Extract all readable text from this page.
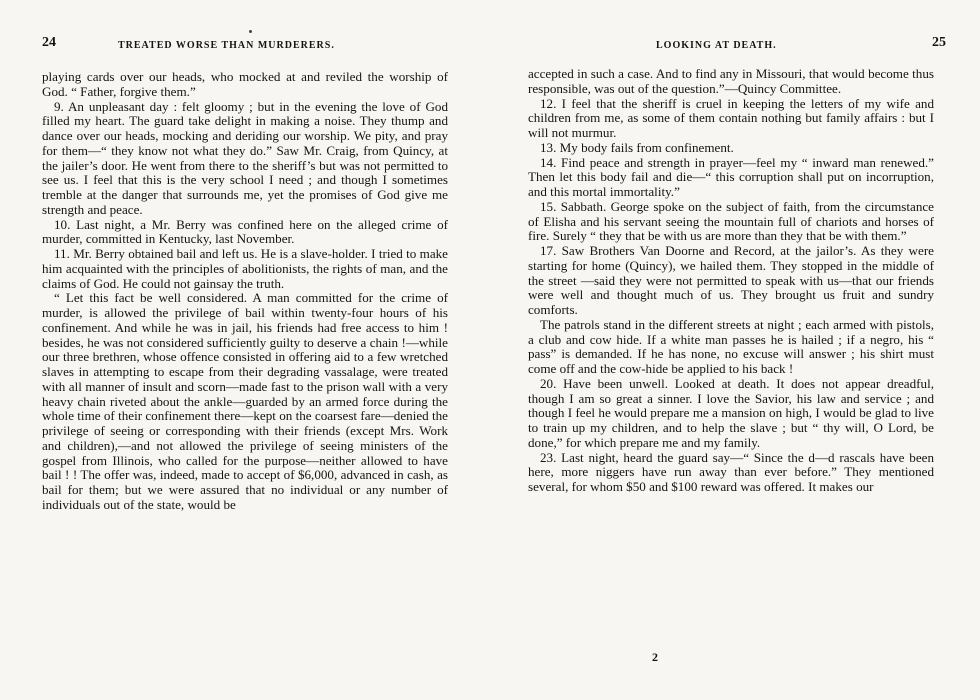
24	TREATED WORSE THAN MURDERERS.

playing cards over our heads, who mocked at and reviled the worship of God. “ Father, forgive them.”

9. An unpleasant day : felt gloomy ; but in the evening the love of God filled my heart. The guard take delight in making a noise. They thump and dance over our heads, mocking and deriding our worship. We pity, and pray for them—“ they know not what they do.” Saw Mr. Craig, from Quincy, at the jailer’s door. He went from there to the sheriff’s but was not permitted to see us. I feel that this is the very school I need ; and though I sometimes tremble at the danger that surrounds me, yet the promises of God give me strength and peace.

10. Last night, a Mr. Berry was confined here on the alleged crime of murder, committed in Kentucky, last November.

11. Mr. Berry obtained bail and left us. He is a slave-holder. I tried to make him acquainted with the principles of abolitionists, the rights of man, and the claims of God. He could not gainsay the truth.

“ Let this fact be well considered. A man committed for the crime of murder, is allowed the privilege of bail within twenty-four hours of his confinement. And while he was in jail, his friends had free access to him ! besides, he was not considered sufficiently guilty to deserve a chain !—while our three brethren, whose offence consisted in offering aid to a few wretched slaves in attempting to escape from their degrading vassalage, were treated with all manner of insult and scorn—made fast to the prison wall with a very heavy chain riveted about the ankle—guarded by an armed force during the whole time of their confinement there—kept on the coarsest fare—denied the privilege of seeing or corresponding with their friends (except Mrs. Work and children),—and not allowed the privilege of seeing ministers of the gospel from Illinois, who called for the purpose—neither allowed to have bail ! ! The offer was, indeed, made to accept of $6,000, advanced in cash, as bail for them; but we were assured that no individual or any number of individuals out of the state, would be

LOOKING AT DEATH.	25

accepted in such a case. And to find any in Missouri, that would become thus responsible, was out of the question.”—Quincy Committee.

12. I feel that the sheriff is cruel in keeping the letters of my wife and children from me, as some of them contain nothing but family affairs : but I will not murmur.

13. My body fails from confinement.

14. Find peace and strength in prayer—feel my “ inward man renewed.” Then let this body fail and die—“ this corruption shall put on incorruption, and this mortal immortality.”

15. Sabbath. George spoke on the subject of faith, from the circumstance of Elisha and his servant seeing the mountain full of chariots and horses of fire. Surely “ they that be with us are more than they that be with them.”

17. Saw Brothers Van Doorne and Record, at the jailor’s. As they were starting for home (Quincy), we hailed them. They stopped in the middle of the street —said they were not permitted to speak with us—that our friends were well and thought much of us. They brought us fruit and sundry comforts.

The patrols stand in the different streets at night ; each armed with pistols, a club and cow hide. If a white man passes he is hailed ; if a negro, his “ pass” is demanded. If he has none, no excuse will answer ; his shirt must come off and the cow-hide be applied to his back !

20. Have been unwell. Looked at death. It does not appear dreadful, though I am so great a sinner. I love the Savior, his law and service ; and though I feel he would prepare me a mansion on high, I would be glad to live to train up my children, and to help the slave ; but “ thy will, O Lord, be done,” for which prepare me and my family.

23. Last night, heard the guard say—“ Since the d—d rascals have been here, more niggers have run away than ever before.” They mentioned several, for whom $50 and $100 reward was offered. It makes our

2
